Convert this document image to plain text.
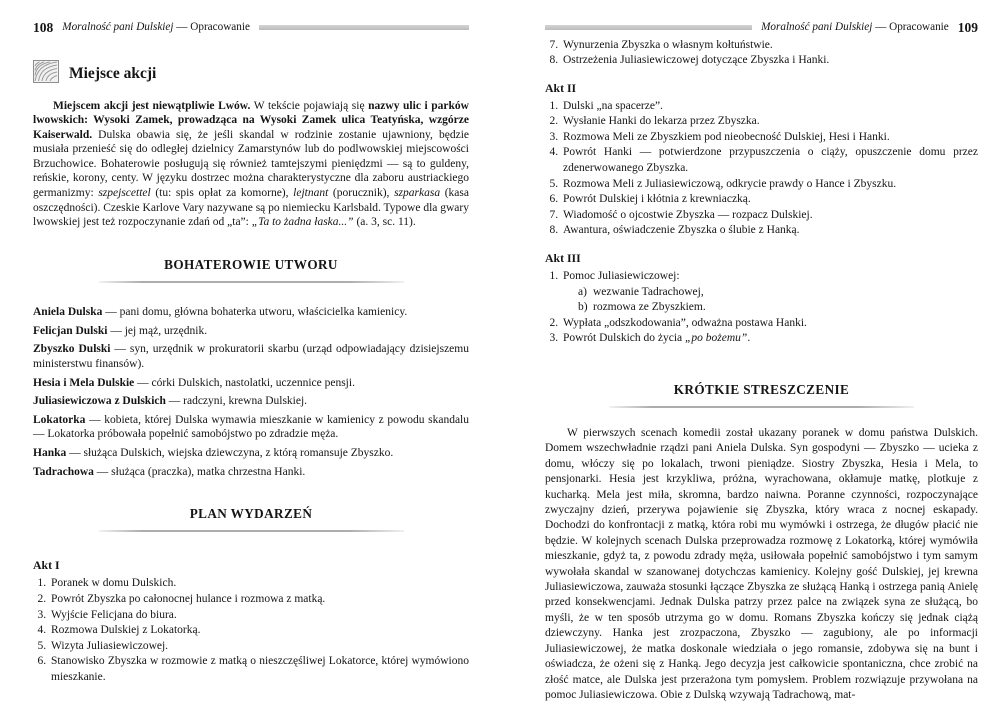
108 Moralność pani Dulskiej — Opracowanie
Miejsce akcji

Miejscem akcji jest niewątpliwie Lwów. W tekście pojawiają się nazwy ulic i parków lwowskich: Wysoki Zamek, prowadząca na Wysoki Zamek ulica Teatyńska, wzgórze Kaiserwald. Dulska obawia się, że jeśli skandal w rodzinie zostanie ujawniony, będzie musiała przenieść się do odległej dzielnicy Zamarstynów lub do podlwowskiej miejscowości Brzuchowice. Bohaterowie posługują się również tamtejszymi pieniędzmi — są to guldeny, reńskie, korony, centy. W języku dostrzec można charakterystyczne dla zaboru austriackiego germanizmy: szpejscettel (tu: spis opłat za komorne), lejtnant (porucznik), szparkasa (kasa oszczędności). Czeskie Karlove Vary nazywane są po niemiecku Karlsbald. Typowe dla gwary lwowskiej jest też rozpoczynanie zdań od „ta”: „Ta to żadna łaska...” (a. 3, sc. 11).

BOHATEROWIE UTWORU

Aniela Dulska — pani domu, główna bohaterka utworu, właścicielka kamienicy.

Felicjan Dulski — jej mąż, urzędnik.

Zbyszko Dulski — syn, urzędnik w prokuratorii skarbu (urząd odpowiadający dzisiejszemu ministerstwu finansów).

Hesia i Mela Dulskie — córki Dulskich, nastolatki, uczennice pensji.

Juliasiewiczowa z Dulskich — radczyni, krewna Dulskiej.

Lokatorka — kobieta, której Dulska wymawia mieszkanie w kamienicy z powodu skandalu — Lokatorka próbowała popełnić samobójstwo po zdradzie męża.

Hanka — służąca Dulskich, wiejska dziewczyna, z którą romansuje Zbyszko.

Tadrachowa — służąca (praczka), matka chrzestna Hanki.

PLAN WYDARZEŃ

Akt I

1. Poranek w domu Dulskich.
2. Powrót Zbyszka po całonocnej hulance i rozmowa z matką.
3. Wyjście Felicjana do biura.
4. Rozmowa Dulskiej z Lokatorką.
5. Wizyta Juliasiewiczowej.
6. Stanowisko Zbyszka w rozmowie z matką o nieszczęśliwej Lokatorce, której wymówiono mieszkanie.
Moralność pani Dulskiej — Opracowanie 109
7. Wynurzenia Zbyszka o własnym kołtuństwie.
8. Ostrzeżenia Juliasiewiczowej dotyczące Zbyszka i Hanki.

Akt II

1. Dulski „na spacerze”.
2. Wysłanie Hanki do lekarza przez Zbyszka.
3. Rozmowa Meli ze Zbyszkiem pod nieobecność Dulskiej, Hesi i Hanki.
4. Powrót Hanki — potwierdzone przypuszczenia o ciąży, opuszczenie domu przez zdenerwowanego Zbyszka.
5. Rozmowa Meli z Juliasiewiczową, odkrycie prawdy o Hance i Zbyszku.
6. Powrót Dulskiej i kłótnia z krewniaczką.
7. Wiadomość o ojcostwie Zbyszka — rozpacz Dulskiej.
8. Awantura, oświadczenie Zbyszka o ślubie z Hanką.

Akt III

1. Pomoc Juliasiewiczowej:
wezwanie Tadrachowej,
rozmowa ze Zbyszkiem.
2. Wypłata „odszkodowania”, odważna postawa Hanki.
3. Powrót Dulskich do życia „po bożemu”.
KRÓTKIE STRESZCZENIE

W pierwszych scenach komedii został ukazany poranek w domu państwa Dulskich. Domem wszechwładnie rządzi pani Aniela Dulska. Syn gospodyni — Zbyszko — ucieka z domu, włóczy się po lokalach, trwoni pieniądze. Siostry Zbyszka, Hesia i Mela, to pensjonarki. Hesia jest krzykliwa, próżna, wyrachowana, okłamuje matkę, plotkuje z kucharką. Mela jest miła, skromna, bardzo naiwna. Poranne czynności, rozpoczynające zwyczajny dzień, przerywa pojawienie się Zbyszka, który wraca z nocnej eskapady. Dochodzi do konfrontacji z matką, która robi mu wymówki i ostrzega, że długów płacić nie będzie. W kolejnych scenach Dulska przeprowadza rozmowę z Lokatorką, której wymówiła mieszkanie, gdyż ta, z powodu zdrady męża, usiłowała popełnić samobójstwo i tym samym wywołała skandal w szanowanej dotychczas kamienicy. Kolejny gość Dulskiej, jej krewna Juliasiewiczowa, zauważa stosunki łączące Zbyszka ze służącą Hanką i ostrzega panią Anielę przed konsekwencjami. Jednak Dulska patrzy przez palce na związek syna ze służącą, bo myśli, że w ten sposób utrzyma go w domu. Romans Zbyszka kończy się jednak ciążą dziewczyny. Hanka jest zrozpaczona, Zbyszko — zagubiony, ale po informacji Juliasiewiczowej, że matka doskonale wiedziała o jego romansie, zdobywa się na bunt i oświadcza, że ożeni się z Hanką. Jego decyzja jest całkowicie spontaniczna, chce zrobić na złość matce, ale Dulska jest przerażona tym pomysłem. Problem rozwiązuje przywołana na pomoc Juliasiewiczowa. Obie z Dulską wzywają Tadrachową, mat-
